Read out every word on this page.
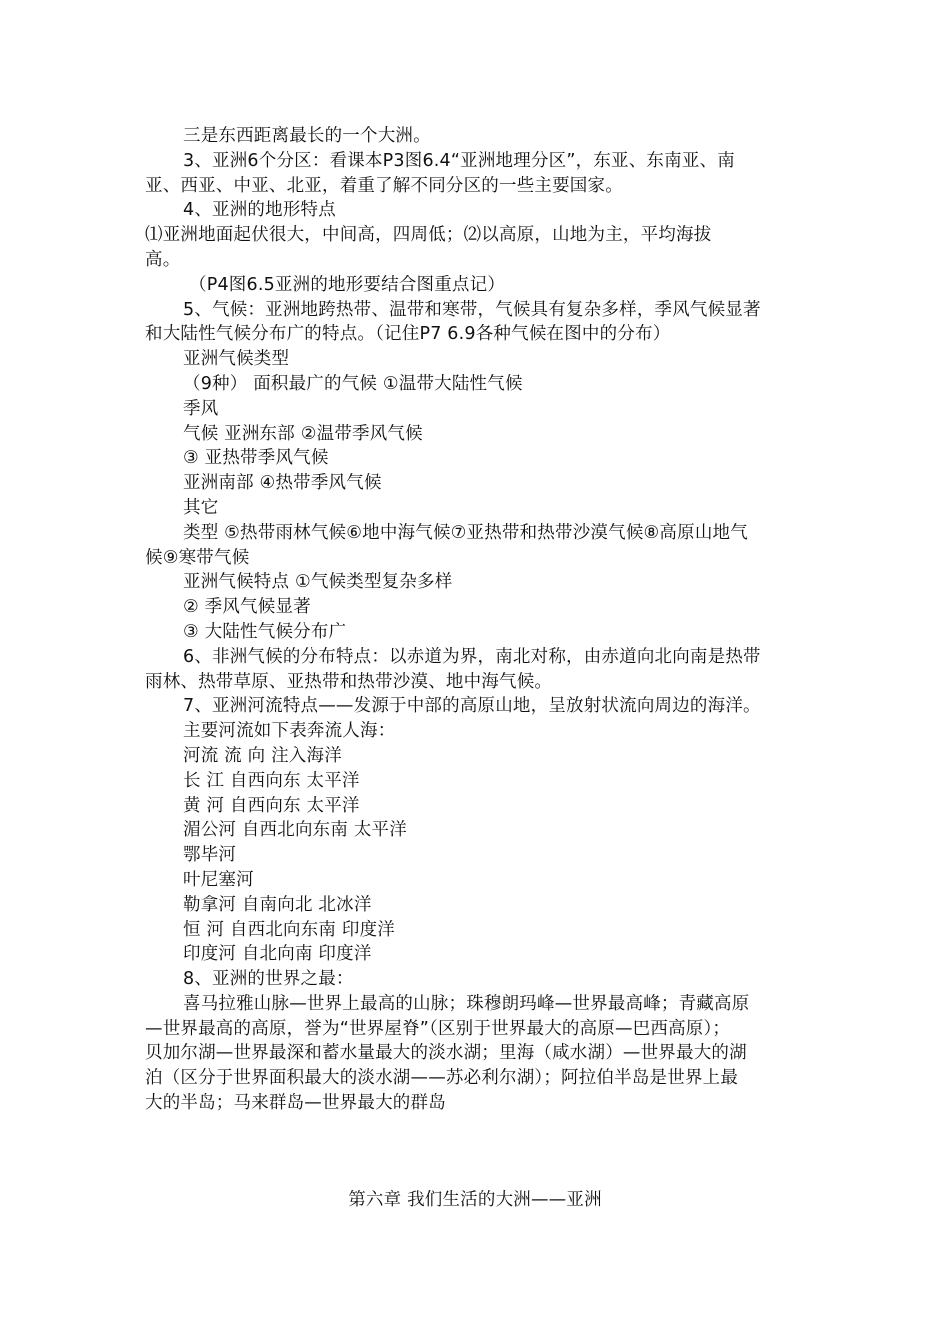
三是东西距离最长的一个大洲。
3、亚洲6个分区：看课本P3图6.4“亚洲地理分区”，东亚、东南亚、南
亚、西亚、中亚、北亚，着重了解不同分区的一些主要国家。
4、亚洲的地形特点
⑴亚洲地面起伏很大，中间高，四周低；⑵以高原，山地为主，平均海拔
高。
（P4图6.5亚洲的地形要结合图重点记）
5、气候：亚洲地跨热带、温带和寒带，气候具有复杂多样，季风气候显著
和大陆性气候分布广的特点。（记住P7 6.9各种气候在图中的分布）
亚洲气候类型
（9种） 面积最广的气候 ①温带大陆性气候
季风
气候 亚洲东部 ②温带季风气候
③ 亚热带季风气候
亚洲南部 ④热带季风气候
其它
类型 ⑤热带雨林气候⑥地中海气候⑦亚热带和热带沙漠气候⑧高原山地气
候⑨寒带气候
亚洲气候特点 ①气候类型复杂多样
② 季风气候显著
③ 大陆性气候分布广
6、非洲气候的分布特点：以赤道为界，南北对称，由赤道向北向南是热带
雨林、热带草原、亚热带和热带沙漠、地中海气候。
7、亚洲河流特点——发源于中部的高原山地，呈放射状流向周边的海洋。
主要河流如下表奔流人海：
河流 流 向 注入海洋
长 江 自西向东 太平洋
黄 河 自西向东 太平洋
湄公河 自西北向东南 太平洋
鄂毕河
叶尼塞河
勒拿河 自南向北 北冰洋
恒 河 自西北向东南 印度洋
印度河 自北向南 印度洋
8、亚洲的世界之最：
喜马拉雅山脉—世界上最高的山脉；珠穆朗玛峰—世界最高峰；青藏高原
—世界最高的高原，誉为“世界屋脊”（区别于世界最大的高原—巴西高原）；
贝加尔湖—世界最深和蓄水量最大的淡水湖；里海（咸水湖）—世界最大的湖
泊（区分于世界面积最大的淡水湖——苏必利尔湖）；阿拉伯半岛是世界上最
大的半岛；马来群岛—世界最大的群岛
第六章 我们生活的大洲——亚洲
